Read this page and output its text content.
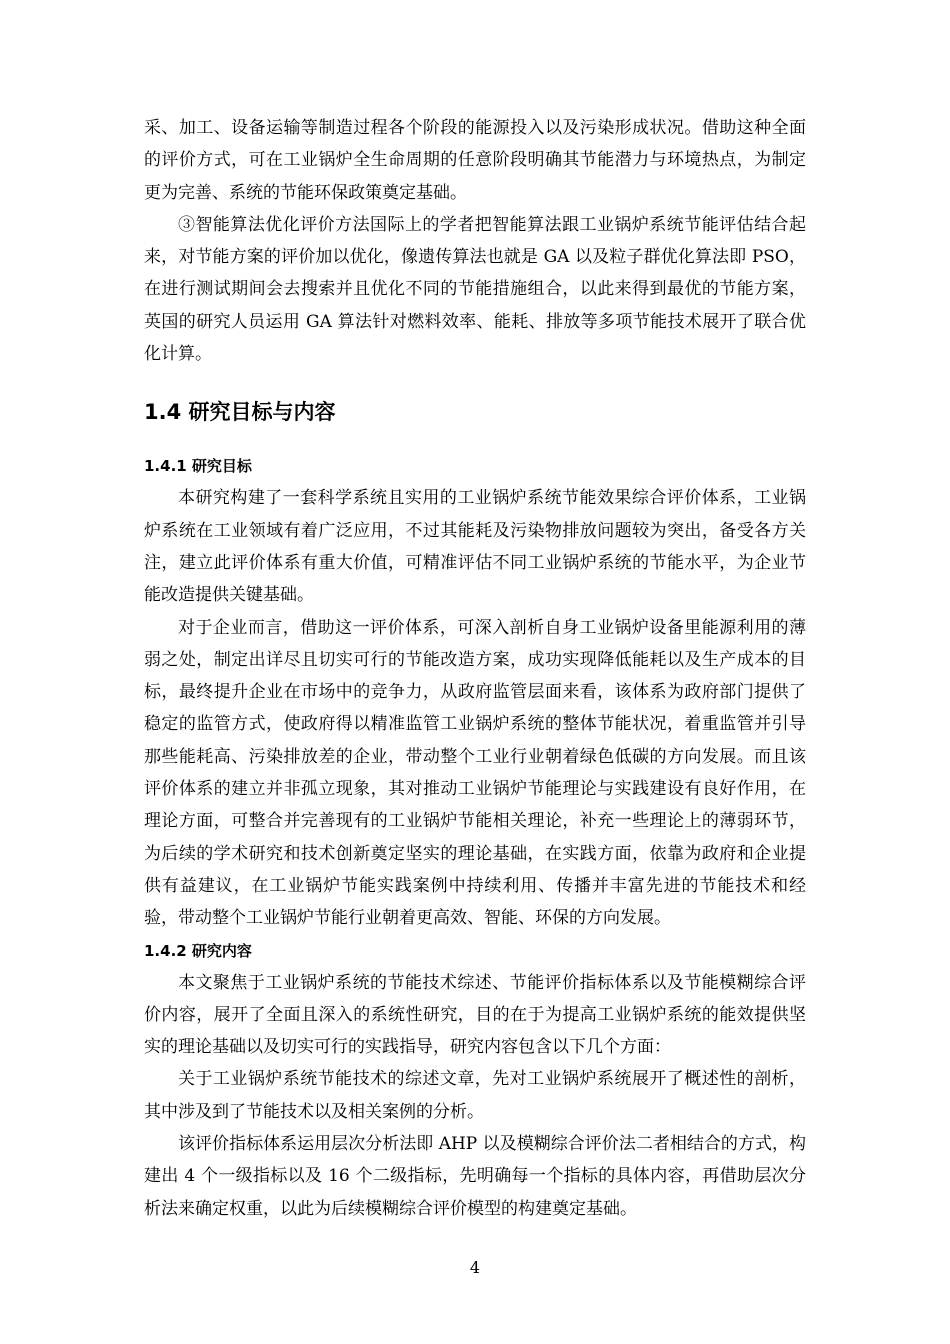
采、加工、设备运输等制造过程各个阶段的能源投入以及污染形成状况。借助这种全面的评价方式，可在工业锅炉全生命周期的任意阶段明确其节能潜力与环境热点，为制定更为完善、系统的节能环保政策奠定基础。

③智能算法优化评价方法国际上的学者把智能算法跟工业锅炉系统节能评估结合起来，对节能方案的评价加以优化，像遗传算法也就是 GA 以及粒子群优化算法即 PSO，在进行测试期间会去搜索并且优化不同的节能措施组合，以此来得到最优的节能方案，英国的研究人员运用 GA 算法针对燃料效率、能耗、排放等多项节能技术展开了联合优化计算。

1.4 研究目标与内容
1.4.1 研究目标

本研究构建了一套科学系统且实用的工业锅炉系统节能效果综合评价体系，工业锅炉系统在工业领域有着广泛应用，不过其能耗及污染物排放问题较为突出，备受各方关注，建立此评价体系有重大价值，可精准评估不同工业锅炉系统的节能水平，为企业节能改造提供关键基础。

对于企业而言，借助这一评价体系，可深入剖析自身工业锅炉设备里能源利用的薄弱之处，制定出详尽且切实可行的节能改造方案，成功实现降低能耗以及生产成本的目标，最终提升企业在市场中的竞争力，从政府监管层面来看，该体系为政府部门提供了稳定的监管方式，使政府得以精准监管工业锅炉系统的整体节能状况，着重监管并引导那些能耗高、污染排放差的企业，带动整个工业行业朝着绿色低碳的方向发展。而且该评价体系的建立并非孤立现象，其对推动工业锅炉节能理论与实践建设有良好作用，在理论方面，可整合并完善现有的工业锅炉节能相关理论，补充一些理论上的薄弱环节，为后续的学术研究和技术创新奠定坚实的理论基础，在实践方面，依靠为政府和企业提供有益建议，在工业锅炉节能实践案例中持续利用、传播并丰富先进的节能技术和经验，带动整个工业锅炉节能行业朝着更高效、智能、环保的方向发展。

1.4.2 研究内容

本文聚焦于工业锅炉系统的节能技术综述、节能评价指标体系以及节能模糊综合评价内容，展开了全面且深入的系统性研究，目的在于为提高工业锅炉系统的能效提供坚实的理论基础以及切实可行的实践指导，研究内容包含以下几个方面：

关于工业锅炉系统节能技术的综述文章，先对工业锅炉系统展开了概述性的剖析，其中涉及到了节能技术以及相关案例的分析。

该评价指标体系运用层次分析法即 AHP 以及模糊综合评价法二者相结合的方式，构建出 4 个一级指标以及 16 个二级指标，先明确每一个指标的具体内容，再借助层次分析法来确定权重，以此为后续模糊综合评价模型的构建奠定基础。

4
